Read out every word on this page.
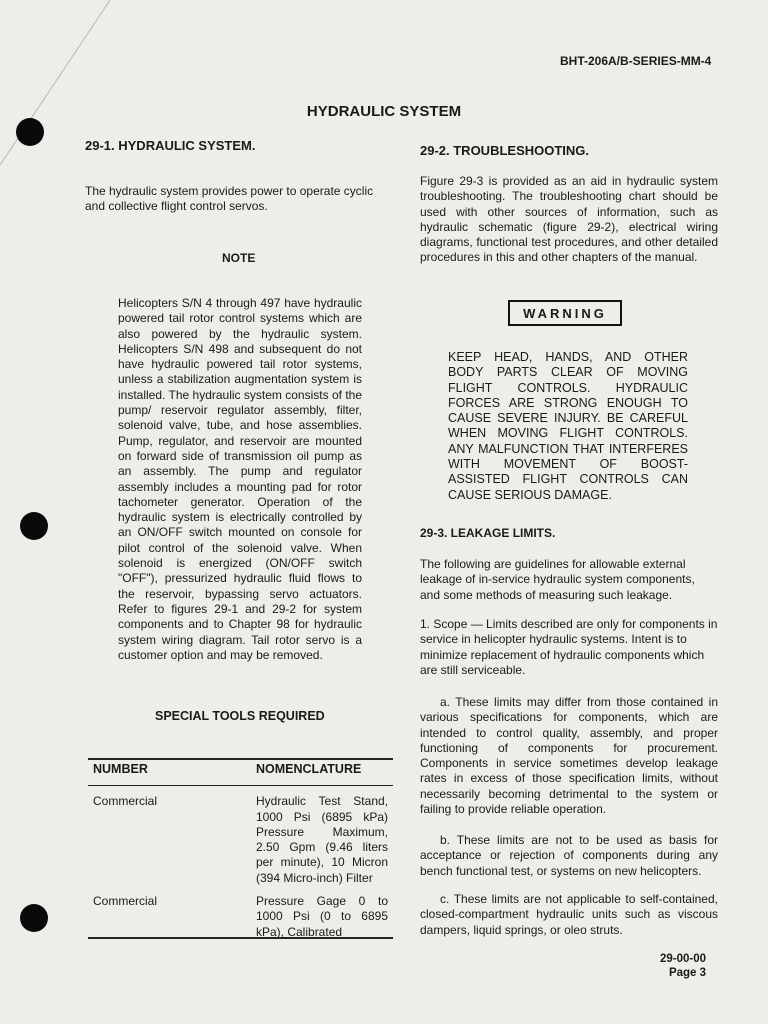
BHT-206A/B-SERIES-MM-4
HYDRAULIC SYSTEM
29-1. HYDRAULIC SYSTEM.
The hydraulic system provides power to operate cyclic and collective flight control servos.
NOTE
Helicopters S/N 4 through 497 have hydraulic powered tail rotor control systems which are also powered by the hydraulic system. Helicopters S/N 498 and subsequent do not have hydraulic powered tail rotor systems, unless a stabilization augmentation system is installed. The hydraulic system consists of the pump/ reservoir regulator assembly, filter, solenoid valve, tube, and hose assemblies. Pump, regulator, and reservoir are mounted on forward side of transmission oil pump as an assembly. The pump and regulator assembly includes a mounting pad for rotor tachometer generator. Operation of the hydraulic system is electrically controlled by an ON/OFF switch mounted on console for pilot control of the solenoid valve. When solenoid is energized (ON/OFF switch "OFF"), pressurized hydraulic fluid flows to the reservoir, bypassing servo actuators. Refer to figures 29-1 and 29-2 for system components and to Chapter 98 for hydraulic system wiring diagram. Tail rotor servo is a customer option and may be removed.
SPECIAL TOOLS REQUIRED
NUMBER	NOMENCLATURE

Commercial	Hydraulic Test Stand, 1000 Psi (6895 kPa) Pressure Maximum, 2.50 Gpm (9.46 liters per minute), 10 Micron (394 Micro-inch) Filter
Commercial	Pressure Gage 0 to 1000 Psi (0 to 6895 kPa), Calibrated
29-2. TROUBLESHOOTING.
Figure 29-3 is provided as an aid in hydraulic system troubleshooting. The troubleshooting chart should be used with other sources of information, such as hydraulic schematic (figure 29-2), electrical wiring diagrams, functional test procedures, and other detailed procedures in this and other chapters of the manual.
WARNING
KEEP HEAD, HANDS, AND OTHER BODY PARTS CLEAR OF MOVING FLIGHT CONTROLS. HYDRAULIC FORCES ARE STRONG ENOUGH TO CAUSE SEVERE INJURY. BE CAREFUL WHEN MOVING FLIGHT CONTROLS. ANY MALFUNCTION THAT INTERFERES WITH MOVEMENT OF BOOST-ASSISTED FLIGHT CONTROLS CAN CAUSE SERIOUS DAMAGE.
29-3. LEAKAGE LIMITS.
The following are guidelines for allowable external leakage of in-service hydraulic system components, and some methods of measuring such leakage.
1. Scope — Limits described are only for components in service in helicopter hydraulic systems. Intent is to minimize replacement of hydraulic components which are still serviceable.
a. These limits may differ from those contained in various specifications for components, which are intended to control quality, assembly, and proper functioning of components for procurement. Components in service sometimes develop leakage rates in excess of those specification limits, without necessarily becoming detrimental to the system or failing to provide reliable operation.
b. These limits are not to be used as basis for acceptance or rejection of components during any bench functional test, or systems on new helicopters.
c. These limits are not applicable to self-contained, closed-compartment hydraulic units such as viscous dampers, liquid springs, or oleo struts.
29-00-00
Page 3
